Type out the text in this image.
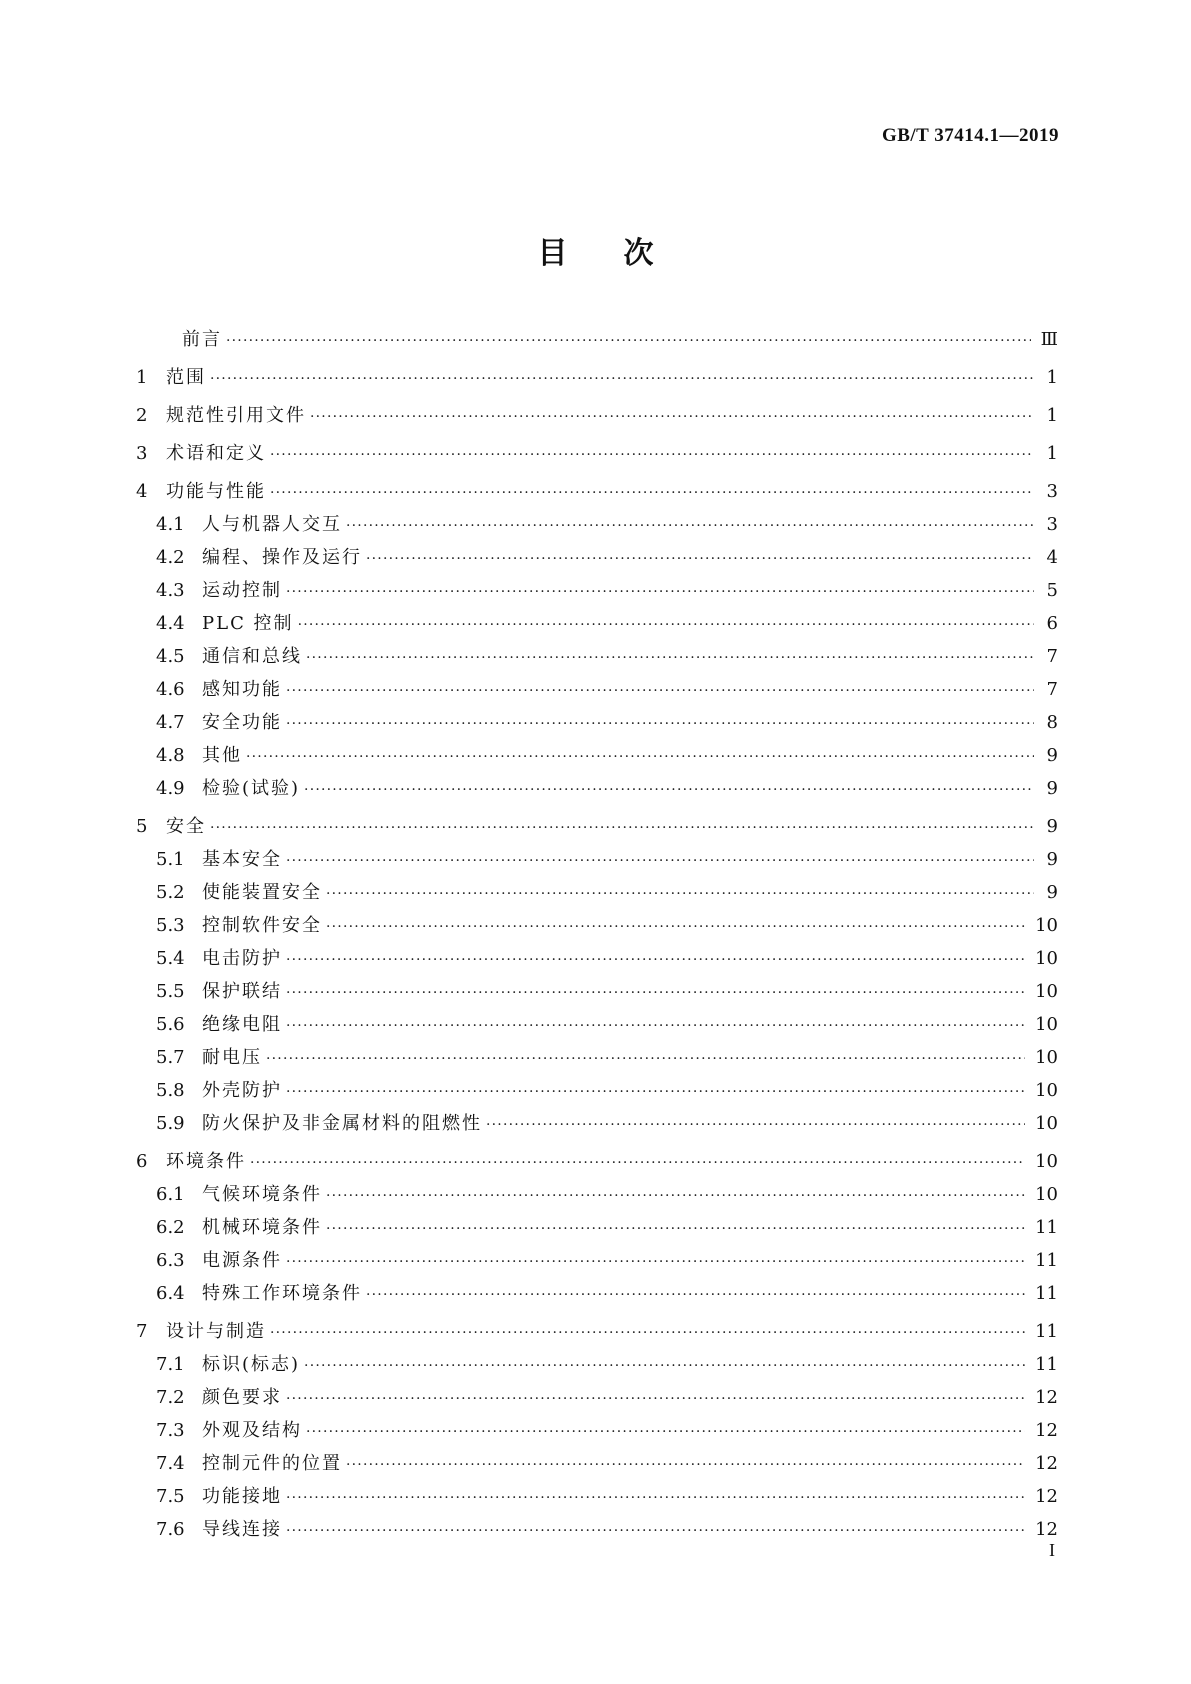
GB/T 37414.1—2019
目次
前言 ·····	Ⅲ
1	范围 ·····	1
2	规范性引用文件 ·····	1
3	术语和定义 ·····	1
4	功能与性能 ·····	3
4.1 人与机器人交互 ·····	3
4.2 编程、操作及运行 ·····	4
4.3 运动控制 ·····	5
4.4 PLC 控制 ·····	6
4.5 通信和总线 ·····	7
4.6 感知功能 ·····	7
4.7 安全功能 ·····	8
4.8 其他 ·····	9
4.9 检验(试验) ·····	9
5	安全 ·····	9
5.1 基本安全 ·····	9
5.2 使能装置安全 ·····	9
5.3 控制软件安全 ·····	10
5.4 电击防护 ·····	10
5.5 保护联结 ·····	10
5.6 绝缘电阻 ·····	10
5.7 耐电压 ·····	10
5.8 外壳防护 ·····	10
5.9 防火保护及非金属材料的阻燃性 ·····	10
6	环境条件 ·····	10
6.1 气候环境条件 ·····	10
6.2 机械环境条件 ·····	11
6.3 电源条件 ·····	11
6.4 特殊工作环境条件 ·····	11
7	设计与制造 ·····	11
7.1 标识(标志) ·····	11
7.2 颜色要求 ·····	12
7.3 外观及结构 ·····	12
7.4 控制元件的位置 ·····	12
7.5 功能接地 ·····	12
7.6 导线连接 ·····	12
I
